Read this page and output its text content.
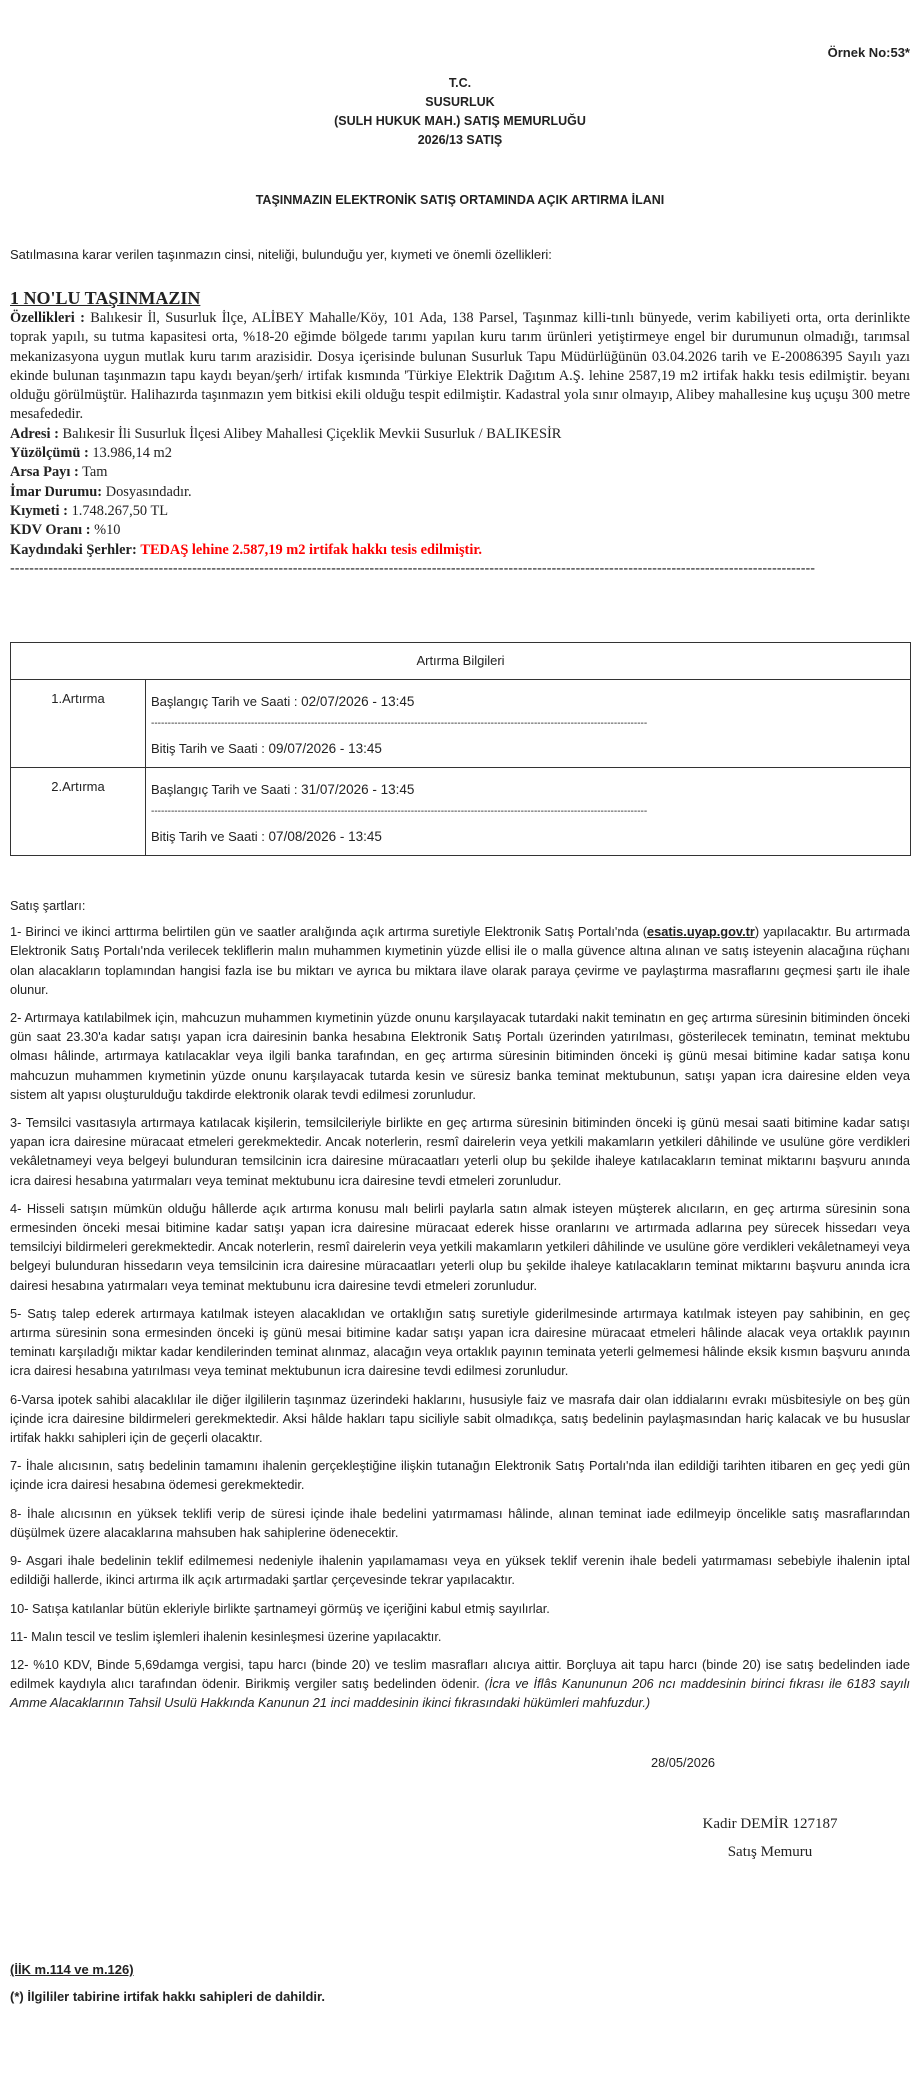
Örnek No:53*
T.C.
SUSURLUK
(SULH HUKUK MAH.) SATIŞ MEMURLUĞU
2026/13 SATIŞ
TAŞINMAZIN ELEKTRONİK SATIŞ ORTAMINDA AÇIK ARTIRMA İLANI
Satılmasına karar verilen taşınmazın cinsi, niteliği, bulunduğu yer, kıymeti ve önemli özellikleri:
1 NO'LU TAŞINMAZIN
Özellikleri : Balıkesir İl, Susurluk İlçe, ALİBEY Mahalle/Köy, 101 Ada, 138 Parsel, Taşınmaz killi-tınlı bünyede, verim kabiliyeti orta, orta derinlikte toprak yapılı, su tutma kapasitesi orta, %18-20 eğimde bölgede tarımı yapılan kuru tarım ürünleri yetiştirmeye engel bir durumunun olmadığı, tarımsal mekanizasyona uygun mutlak kuru tarım arazisidir. Dosya içerisinde bulunan Susurluk Tapu Müdürlüğünün 03.04.2026 tarih ve E-20086395 Sayılı yazı ekinde bulunan taşınmazın tapu kaydı beyan/şerh/ irtifak kısmında 'Türkiye Elektrik Dağıtım A.Ş. lehine 2587,19 m2 irtifak hakkı tesis edilmiştir. beyanı olduğu görülmüştür. Halihazırda taşınmazın yem bitkisi ekili olduğu tespit edilmiştir. Kadastral yola sınır olmayıp, Alibey mahallesine kuş uçuşu 300 metre mesafededir.
Adresi : Balıkesir İli Susurluk İlçesi Alibey Mahallesi Çiçeklik Mevkii Susurluk / BALIKESİR
Yüzölçümü : 13.986,14 m2
Arsa Payı : Tam
İmar Durumu: Dosyasındadır.
Kıymeti : 1.748.267,50 TL
KDV Oranı : %10
Kaydındaki Şerhler: TEDAŞ lehine 2.587,19 m2 irtifak hakkı tesis edilmiştir.
------------------------------------------------------------------------------------------------------------------------------------------------------------------------
Artırma Bilgileri	
1.Artırma	Başlangıç Tarih ve Saati : 02/07/2026 - 13:45
-----------------------------------------------------------------------------------------------------------------------------------------------------
Bitiş Tarih ve Saati : 09/07/2026 - 13:45

2.Artırma	Başlangıç Tarih ve Saati : 31/07/2026 - 13:45
-----------------------------------------------------------------------------------------------------------------------------------------------------
Bitiş Tarih ve Saati : 07/08/2026 - 13:45

Satış şartları:

1- Birinci ve ikinci arttırma belirtilen gün ve saatler aralığında açık artırma suretiyle Elektronik Satış Portalı'nda (esatis.uyap.gov.tr) yapılacaktır. Bu artırmada Elektronik Satış Portalı'nda verilecek tekliflerin malın muhammen kıymetinin yüzde ellisi ile o malla güvence altına alınan ve satış isteyenin alacağına rüçhanı olan alacakların toplamından hangisi fazla ise bu miktarı ve ayrıca bu miktara ilave olarak paraya çevirme ve paylaştırma masraflarını geçmesi şartı ile ihale olunur.

2- Artırmaya katılabilmek için, mahcuzun muhammen kıymetinin yüzde onunu karşılayacak tutardaki nakit teminatın en geç artırma süresinin bitiminden önceki gün saat 23.30'a kadar satışı yapan icra dairesinin banka hesabına Elektronik Satış Portalı üzerinden yatırılması, gösterilecek teminatın, teminat mektubu olması hâlinde, artırmaya katılacaklar veya ilgili banka tarafından, en geç artırma süresinin bitiminden önceki iş günü mesai bitimine kadar satışa konu mahcuzun muhammen kıymetinin yüzde onunu karşılayacak tutarda kesin ve süresiz banka teminat mektubunun, satışı yapan icra dairesine elden veya sistem alt yapısı oluşturulduğu takdirde elektronik olarak tevdi edilmesi zorunludur.

3- Temsilci vasıtasıyla artırmaya katılacak kişilerin, temsilcileriyle birlikte en geç artırma süresinin bitiminden önceki iş günü mesai saati bitimine kadar satışı yapan icra dairesine müracaat etmeleri gerekmektedir. Ancak noterlerin, resmî dairelerin veya yetkili makamların yetkileri dâhilinde ve usulüne göre verdikleri vekâletnameyi veya belgeyi bulunduran temsilcinin icra dairesine müracaatları yeterli olup bu şekilde ihaleye katılacakların teminat miktarını başvuru anında icra dairesi hesabına yatırmaları veya teminat mektubunu icra dairesine tevdi etmeleri zorunludur.

4- Hisseli satışın mümkün olduğu hâllerde açık artırma konusu malı belirli paylarla satın almak isteyen müşterek alıcıların, en geç artırma süresinin sona ermesinden önceki mesai bitimine kadar satışı yapan icra dairesine müracaat ederek hisse oranlarını ve artırmada adlarına pey sürecek hissedarı veya temsilciyi bildirmeleri gerekmektedir. Ancak noterlerin, resmî dairelerin veya yetkili makamların yetkileri dâhilinde ve usulüne göre verdikleri vekâletnameyi veya belgeyi bulunduran hissedarın veya temsilcinin icra dairesine müracaatları yeterli olup bu şekilde ihaleye katılacakların teminat miktarını başvuru anında icra dairesi hesabına yatırmaları veya teminat mektubunu icra dairesine tevdi etmeleri zorunludur.

5- Satış talep ederek artırmaya katılmak isteyen alacaklıdan ve ortaklığın satış suretiyle giderilmesinde artırmaya katılmak isteyen pay sahibinin, en geç artırma süresinin sona ermesinden önceki iş günü mesai bitimine kadar satışı yapan icra dairesine müracaat etmeleri hâlinde alacak veya ortaklık payının teminatı karşıladığı miktar kadar kendilerinden teminat alınmaz, alacağın veya ortaklık payının teminata yeterli gelmemesi hâlinde eksik kısmın başvuru anında icra dairesi hesabına yatırılması veya teminat mektubunun icra dairesine tevdi edilmesi zorunludur.

6-Varsa ipotek sahibi alacaklılar ile diğer ilgililerin taşınmaz üzerindeki haklarını, hususiyle faiz ve masrafa dair olan iddialarını evrakı müsbitesiyle on beş gün içinde icra dairesine bildirmeleri gerekmektedir. Aksi hâlde hakları tapu siciliyle sabit olmadıkça, satış bedelinin paylaşmasından hariç kalacak ve bu hususlar irtifak hakkı sahipleri için de geçerli olacaktır.

7- İhale alıcısının, satış bedelinin tamamını ihalenin gerçekleştiğine ilişkin tutanağın Elektronik Satış Portalı'nda ilan edildiği tarihten itibaren en geç yedi gün içinde icra dairesi hesabına ödemesi gerekmektedir.

8- İhale alıcısının en yüksek teklifi verip de süresi içinde ihale bedelini yatırmaması hâlinde, alınan teminat iade edilmeyip öncelikle satış masraflarından düşülmek üzere alacaklarına mahsuben hak sahiplerine ödenecektir.

9- Asgari ihale bedelinin teklif edilmemesi nedeniyle ihalenin yapılamaması veya en yüksek teklif verenin ihale bedeli yatırmaması sebebiyle ihalenin iptal edildiği hallerde, ikinci artırma ilk açık artırmadaki şartlar çerçevesinde tekrar yapılacaktır.

10- Satışa katılanlar bütün ekleriyle birlikte şartnameyi görmüş ve içeriğini kabul etmiş sayılırlar.

11- Malın tescil ve teslim işlemleri ihalenin kesinleşmesi üzerine yapılacaktır.

12- %10 KDV, Binde 5,69damga vergisi, tapu harcı (binde 20) ve teslim masrafları alıcıya aittir. Borçluya ait tapu harcı (binde 20) ise satış bedelinden iade edilmek kaydıyla alıcı tarafından ödenir. Birikmiş vergiler satış bedelinden ödenir. (İcra ve İflâs Kanununun 206 ncı maddesinin birinci fıkrası ile 6183 sayılı Amme Alacaklarının Tahsil Usulü Hakkında Kanunun 21 inci maddesinin ikinci fıkrasındaki hükümleri mahfuzdur.)

28/05/2026
Kadir DEMİR 127187
Satış Memuru
(İİK m.114 ve m.126)
(*) İlgililer tabirine irtifak hakkı sahipleri de dahildir.
